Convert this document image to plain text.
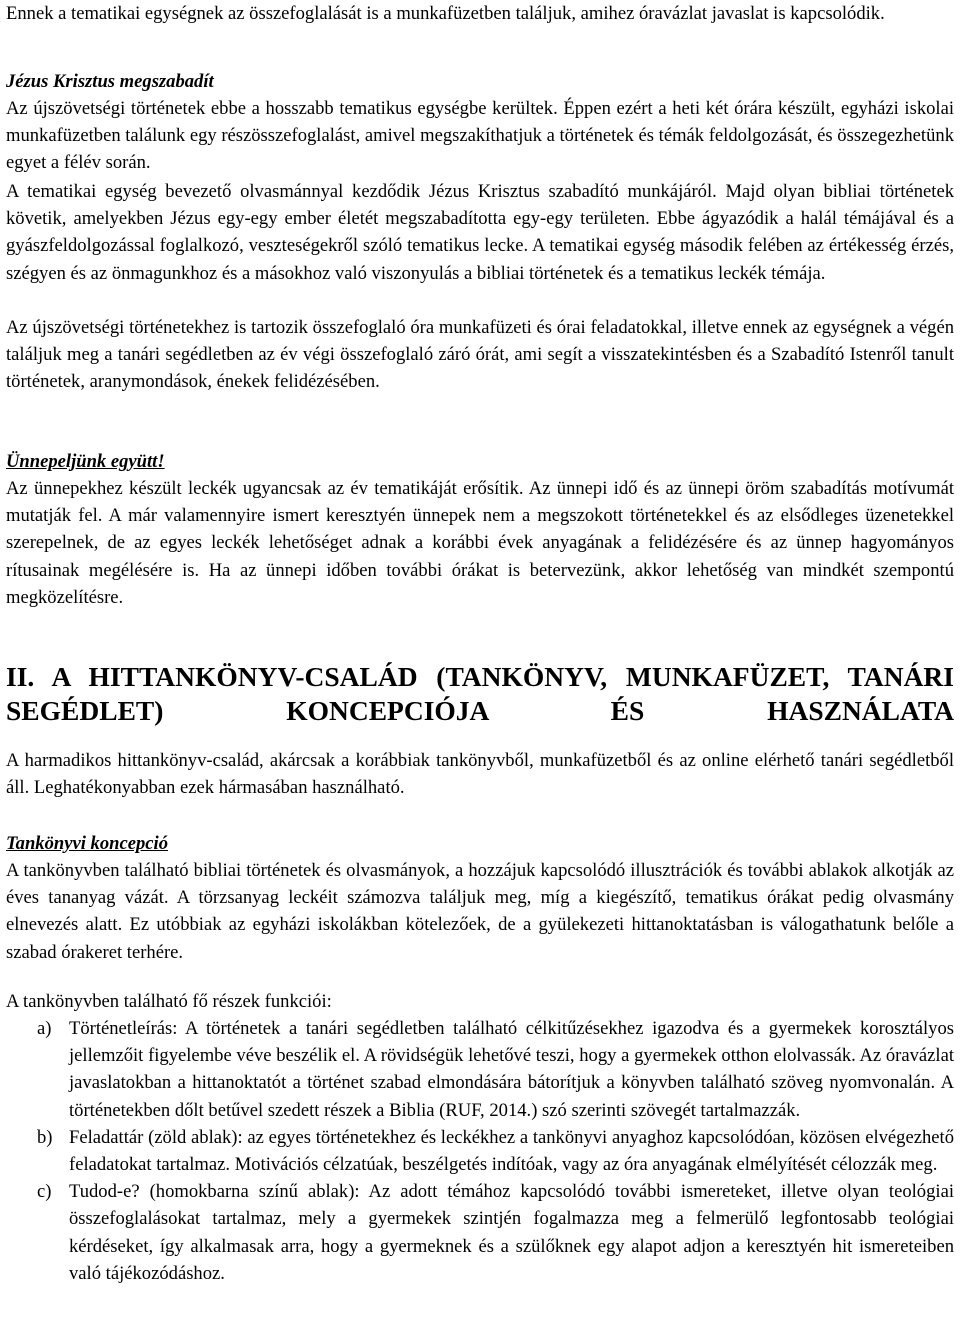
Ennek a tematikai egységnek az összefoglalását is a munkafüzetben találjuk, amihez óravázlat javaslat is kapcsolódik.

Jézus Krisztus megszabadít

Az újszövetségi történetek ebbe a hosszabb tematikus egységbe kerültek. Éppen ezért a heti két órára készült, egyházi iskolai munkafüzetben találunk egy részösszefoglalást, amivel megszakíthatjuk a történetek és témák feldolgozását, és összegezhetünk egyet a félév során.

A tematikai egység bevezető olvasmánnyal kezdődik Jézus Krisztus szabadító munkájáról. Majd olyan bibliai történetek követik, amelyekben Jézus egy-egy ember életét megszabadította egy-egy területen. Ebbe ágyazódik a halál témájával és a gyászfeldolgozással foglalkozó, veszteségekről szóló tematikus lecke. A tematikai egység második felében az értékesség érzés, szégyen és az önmagunkhoz és a másokhoz való viszonyulás a bibliai történetek és a tematikus leckék témája.

Az újszövetségi történetekhez is tartozik összefoglaló óra munkafüzeti és órai feladatokkal, illetve ennek az egységnek a végén találjuk meg a tanári segédletben az év végi összefoglaló záró órát, ami segít a visszatekintésben és a Szabadító Istenről tanult történetek, aranymondások, énekek felidézésében.

Ünnepeljünk együtt!

Az ünnepekhez készült leckék ugyancsak az év tematikáját erősítik. Az ünnepi idő és az ünnepi öröm szabadítás motívumát mutatják fel. A már valamennyire ismert keresztyén ünnepek nem a megszokott történetekkel és az elsődleges üzenetekkel szerepelnek, de az egyes leckék lehetőséget adnak a korábbi évek anyagának a felidézésére és az ünnep hagyományos rítusainak megélésére is. Ha az ünnepi időben további órákat is betervezünk, akkor lehetőség van mindkét szempontú megközelítésre.

II. A HITTANKÖNYV-CSALÁD (TANKÖNYV, MUNKAFÜZET, TANÁRI
SEGÉDLET) KONCEPCIÓJA ÉS HASZNÁLATA

A harmadikos hittankönyv-család, akárcsak a korábbiak tankönyvből, munkafüzetből és az online elérhető tanári segédletből áll. Leghatékonyabban ezek hármasában használható.

Tankönyvi koncepció

A tankönyvben található bibliai történetek és olvasmányok, a hozzájuk kapcsolódó illusztrációk és további ablakok alkotják az éves tananyag vázát. A törzsanyag leckéit számozva találjuk meg, míg a kiegészítő, tematikus órákat pedig olvasmány elnevezés alatt. Ez utóbbiak az egyházi iskolákban kötelezőek, de a gyülekezeti hittanoktatásban is válogathatunk belőle a szabad órakeret terhére.

A tankönyvben található fő részek funkciói:

a) Történetleírás: A történetek a tanári segédletben található célkitűzésekhez igazodva és a gyermekek korosztályos jellemzőit figyelembe véve beszélik el. A rövidségük lehetővé teszi, hogy a gyermekek otthon elolvassák. Az óravázlat javaslatokban a hittanoktatót a történet szabad elmondására bátorítjuk a könyvben található szöveg nyomvonalán. A történetekben dőlt betűvel szedett részek a Biblia (RUF, 2014.) szó szerinti szövegét tartalmazzák.
b) Feladattár (zöld ablak): az egyes történetekhez és leckékhez a tankönyvi anyaghoz kapcsolódóan, közösen elvégezhető feladatokat tartalmaz. Motivációs célzatúak, beszélgetés indítóak, vagy az óra anyagának elmélyítését célozzák meg.
c) Tudod-e? (homokbarna színű ablak): Az adott témához kapcsolódó további ismereteket, illetve olyan teológiai összefoglalásokat tartalmaz, mely a gyermekek szintjén fogalmazza meg a felmerülő legfontosabb teológiai kérdéseket, így alkalmasak arra, hogy a gyermeknek és a szülőknek egy alapot adjon a keresztyén hit ismereteiben való tájékozódáshoz.
